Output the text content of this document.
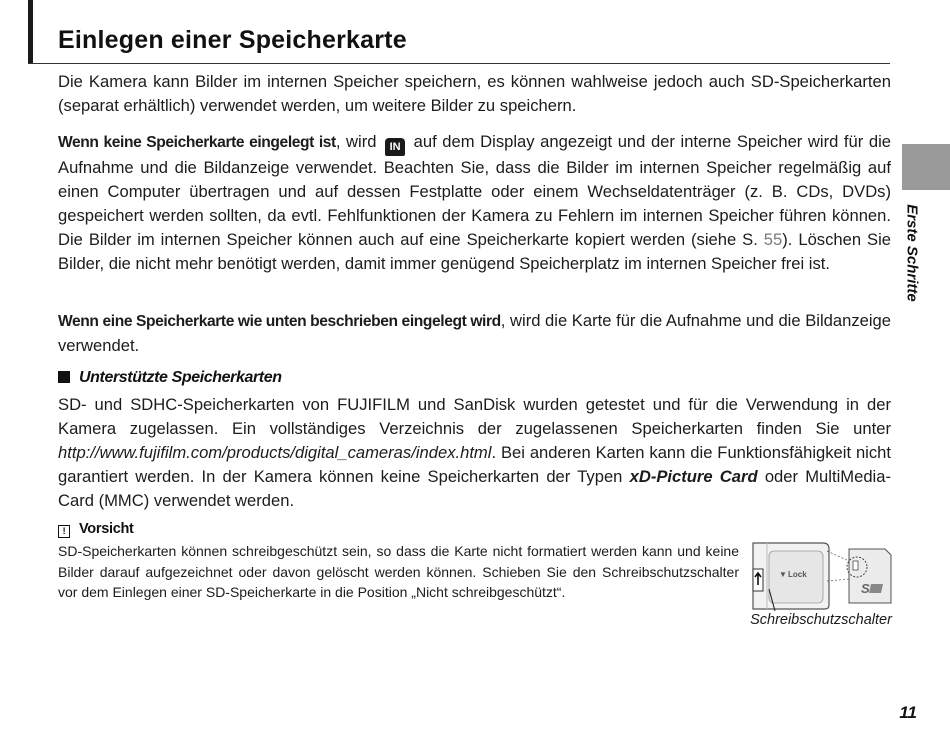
Einlegen einer Speicherkarte

Die Kamera kann Bilder im internen Speicher speichern, es können wahlweise jedoch auch SD-Speicherkarten (separat erhältlich) verwendet werden, um weitere Bilder zu speichern.

Wenn keine Speicherkarte eingelegt ist, wird IN auf dem Display angezeigt und der interne Speicher wird für die Aufnahme und die Bildanzeige verwendet. Beachten Sie, dass die Bilder im internen Speicher regelmäßig auf einen Computer übertragen und auf dessen Festplatte oder einem Wechseldatenträger (z. B. CDs, DVDs) gespeichert werden sollten, da evtl. Fehlfunktionen der Kamera zu Fehlern im internen Speicher führen können. Die Bilder im internen Speicher können auch auf eine Speicherkarte kopiert werden (siehe S. 55). Löschen Sie Bilder, die nicht mehr benötigt werden, damit immer genügend Speicherplatz im internen Speicher frei ist.

Wenn eine Speicherkarte wie unten beschrieben eingelegt wird, wird die Karte für die Aufnahme und die Bildanzeige verwendet.

Unterstützte Speicherkarten

SD- und SDHC-Speicherkarten von FUJIFILM und SanDisk wurden getestet und für die Verwendung in der Kamera zugelassen. Ein vollständiges Verzeichnis der zugelassenen Speicherkarten finden Sie unter http://www.fujifilm.com/products/digital_cameras/index.html. Bei anderen Karten kann die Funktionsfähigkeit nicht garantiert werden. In der Kamera können keine Speicherkarten der Typen xD-Picture Card oder MultiMedia-Card (MMC) verwendet werden.

! Vorsicht

SD-Speicherkarten können schreibgeschützt sein, so dass die Karte nicht formatiert werden kann und keine Bilder darauf aufgezeichnet oder davon gelöscht werden können. Schieben Sie den Schreibschutzschalter vor dem Einlegen einer SD-Speicherkarte in die Position „Nicht schreibgeschützt“.

▼ Lock
S

Schreibschutzschalter

Erste Schritte

11
